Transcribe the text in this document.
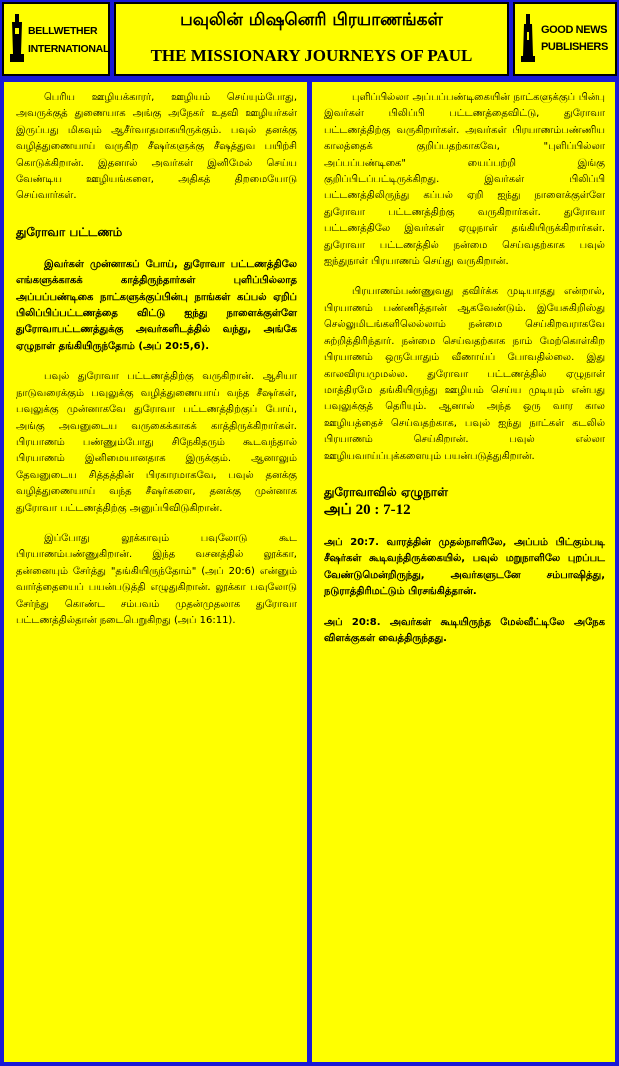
BELLWETHER
INTERNATIONAL
பவுலின் மிஷனெரி பிரயாணங்கள்
THE MISSIONARY JOURNEYS OF PAUL
GOOD NEWS
PUBLISHERS

பெரிய ஊழியக்காரர், ஊழியம் செய்யும்போது, அவருக்குத் துணையாக அங்கு அநேகர் உதவி ஊழியர்கள் இருப்பது மிகவும் ஆசீர்வாதமாகயிருக்கும். பவுல் தனக்கு வழித்துணையாய் வருகிற சீஷர்களுக்கு சீஷத்துவ பயிற்சி கொடுக்கிறான். இதனால் அவர்கள் இனிமேல் செய்ய வேண்டிய ஊழியங்களை, அதிகத் திறமையோடு செய்வார்கள்.

துரோவா பட்டணம்

இவர்கள் முன்னாகப் போய், துரோவா பட்டணத்திலே எங்களுக்காகக் காத்திருந்தார்கள் புளிப்பில்லாத அப்பப்பண்டிகை நாட்களுக்குப்பின்பு நாங்கள் கப்பல் ஏறிப் பிலிப்பிப்பட்டணத்தை விட்டு ஐந்து நாளைக்குள்ளே துரோவாபட்டணத்துக்கு அவர்களிடத்தில் வந்து, அங்கே ஏழுநாள் தங்கியிருந்தோம் (அப் 20:5,6).

பவுல் துரோவா பட்டணத்திற்கு வருகிறான். ஆசியா நாடுவரைக்கும் பவுலுக்கு வழித்துணையாய் வந்த சீஷர்கள், பவுலுக்கு முன்னாகவே துரோவா பட்டணத்திற்குப் போய், அங்கு அவனுடைய வருகைக்காகக் காத்திருக்கிறார்கள். பிரயாணம் பண்ணும்போது சிநேகிதரும் கூடவந்தால் பிரயாணம் இனிமையானதாக இருக்கும். ஆனாலும் தேவனுடைய சித்தத்தின் பிரகாரமாகவே, பவுல் தனக்கு வழித்துணையாய் வந்த சீஷர்களை, தனக்கு முன்னாக துரோவா பட்டணத்திற்கு அனுப்பிவிடுகிறான்.

இப்போது லூக்காவும் பவுலோடு கூட பிரயாணம்பண்ணுகிறான். இந்த வசனத்தில் லூக்கா, தன்னையும் சேர்த்து "தங்கியிருந்தோம்" (அப் 20:6) என்னும் வார்த்தையைப் பயன்படுத்தி எழுதுகிறான். லூக்கா பவுலோடு சேர்ந்து கொண்ட சம்பவம் முதன்முதலாக துரோவா பட்டணத்தில்தான் நடைபெறுகிறது (அப் 16:11).

புளிப்பில்லா அப்பப்பண்டிகையின் நாட்களுக்குப் பின்பு இவர்கள் பிலிப்பி பட்டணத்தைவிட்டு, துரோவா பட்டணத்திற்கு வருகிறார்கள். அவர்கள் பிரயாணம்பண்ணிய காலத்தைக் குறிப்பதற்காகவே, "புளிப்பில்லா அப்பப்பண்டிகை" யைப்பற்றி இங்கு குறிப்பிடப்பட்டிருக்கிறது. இவர்கள் பிலிப்பி பட்டணத்திலிருந்து கப்பல் ஏறி ஐந்து நாளைக்குள்ளே துரோவா பட்டணத்திற்கு வருகிறார்கள். துரோவா பட்டணத்திலே இவர்கள் ஏழுநாள் தங்கியிருக்கிறார்கள். துரோவா பட்டணத்தில் நன்மை செய்வதற்காக பவுல் ஐந்துநாள் பிரயாணம் செய்து வருகிறான்.

பிரயாணம்பண்ணுவது தவிர்க்க முடியாதது என்றால், பிரயாணம் பண்ணித்தான் ஆகவேண்டும். இயேசுகிறிஸ்து செல்லுமிடங்களிலெல்லாம் நன்மை செய்கிறவராகவே சுற்றித்திரிந்தார். நன்மை செய்வதற்காக நாம் மேற்கொள்கிற பிரயாணம் ஒருபோதும் வீணாய்ப் போவதில்லை. இது காலவிரயமுமல்ல. துரோவா பட்டணத்தில் ஏழுநாள் மாத்திரமே தங்கியிருந்து ஊழியம் செய்ய முடியும் என்பது பவுலுக்குத் தெரியும். ஆனால் அந்த ஒரு வார கால ஊழியத்தைச் செய்வதற்காக, பவுல் ஐந்து நாட்கள் கடலில் பிரயாணம் செய்கிறான். பவுல் எல்லா ஊழியவாய்ப்புக்களையும் பயன்படுத்துகிறான்.

துரோவாவில் ஏழுநாள்
அப் 20 : 7-12

அப் 20:7. வாரத்தின் முதல்நாளிலே, அப்பம் பிட்கும்படி சீஷர்கள் கூடிவந்திருக்கையில், பவுல் மறுநாளிலே புறப்பட வேண்டுமென்றிருந்து, அவர்களுடனே சம்பாஷித்து, நடுராத்திரிமட்டும் பிரசங்கித்தான்.

அப் 20:8. அவர்கள் கூடியிருந்த மேல்வீட்டிலே அநேக விளக்குகள் வைத்திருந்தது.
